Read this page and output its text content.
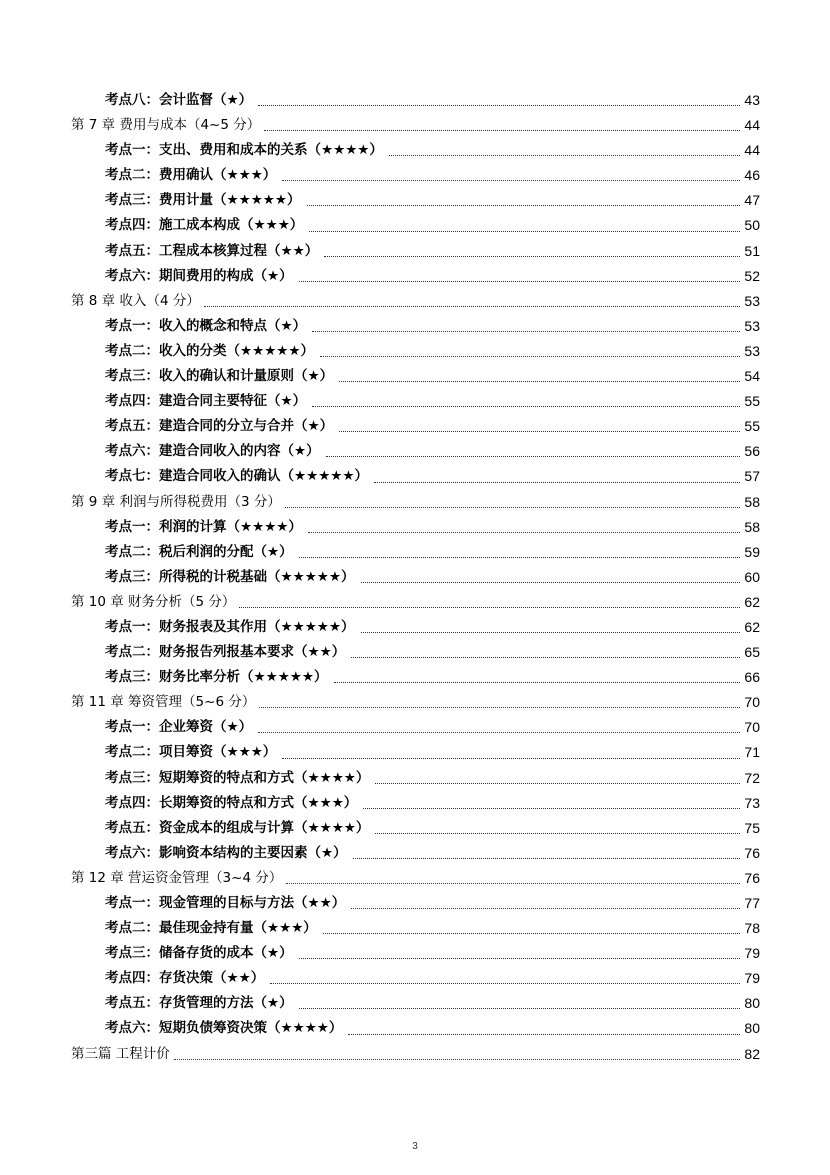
考点八：会计监督（★）	43
第 7 章 费用与成本（4~5 分）	44
考点一：支出、费用和成本的关系（★★★★）	44
考点二：费用确认（★★★）	46
考点三：费用计量（★★★★★）	47
考点四：施工成本构成（★★★）	50
考点五：工程成本核算过程（★★）	51
考点六：期间费用的构成（★）	52
第 8 章 收入（4 分）	53
考点一：收入的概念和特点（★）	53
考点二：收入的分类（★★★★★）	53
考点三：收入的确认和计量原则（★）	54
考点四：建造合同主要特征（★）	55
考点五：建造合同的分立与合并（★）	55
考点六：建造合同收入的内容（★）	56
考点七：建造合同收入的确认（★★★★★）	57
第 9 章 利润与所得税费用（3 分）	58
考点一：利润的计算（★★★★）	58
考点二：税后利润的分配（★）	59
考点三：所得税的计税基础（★★★★★）	60
第 10 章 财务分析（5 分）	62
考点一：财务报表及其作用（★★★★★）	62
考点二：财务报告列报基本要求（★★）	65
考点三：财务比率分析（★★★★★）	66
第 11 章 筹资管理（5~6 分）	70
考点一：企业筹资（★）	70
考点二：项目筹资（★★★）	71
考点三：短期筹资的特点和方式（★★★★）	72
考点四：长期筹资的特点和方式（★★★）	73
考点五：资金成本的组成与计算（★★★★）	75
考点六：影响资本结构的主要因素（★）	76
第 12 章 营运资金管理（3~4 分）	76
考点一：现金管理的目标与方法（★★）	77
考点二：最佳现金持有量（★★★）	78
考点三：储备存货的成本（★）	79
考点四：存货决策（★★）	79
考点五：存货管理的方法（★）	80
考点六：短期负债筹资决策（★★★★）	80
第三篇 工程计价	82
3
